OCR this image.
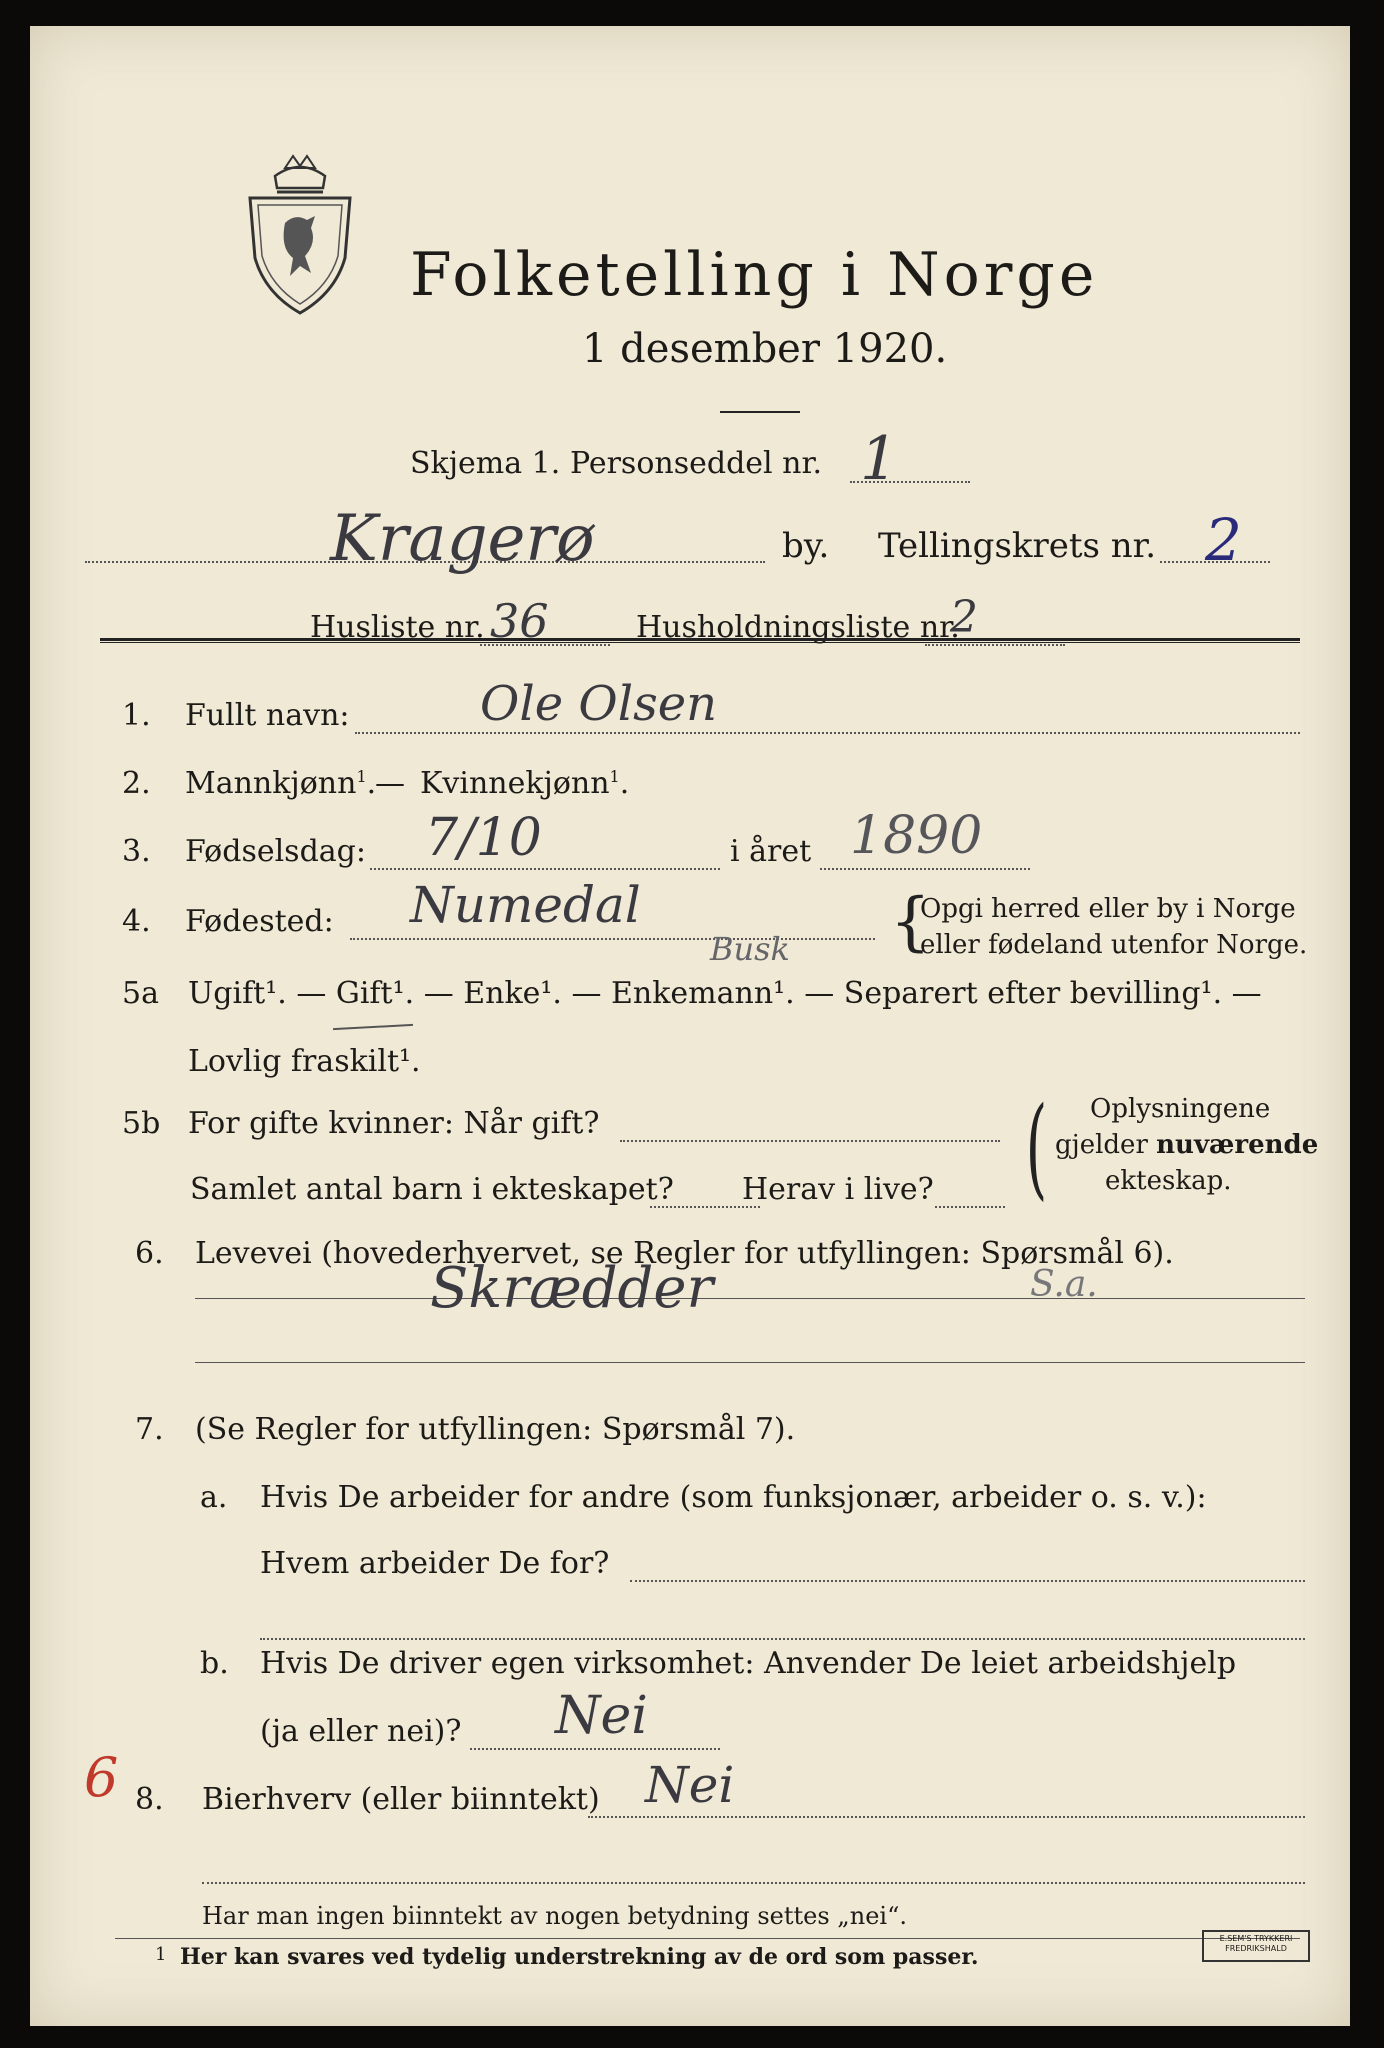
Folketelling i Norge
1 desember 1920.
Skjema 1. Personseddel nr. 1
Kragerø	by. Tellingskrets nr. 2
Husliste nr. 36	Husholdningsliste nr.
2
1. Fullt navn:	Ole Olsen
2. Mannkjønn$^1$.
— Kvinnekjønn$^1$.
3. Fødselsdag: 7/10	i året 1890
4. Fødested: Numedal
Busk {
Opgi herred eller by i Norge
eller fødeland utenfor Norge.
5a Ugift¹. — Gift¹. — Enke¹. — Enkemann¹. — Separert efter bevilling¹. —
Lovlig fraskilt¹.
5b For gifte kvinner: Når gift?
Samlet antal barn i ekteskapet? Herav i live? ( Oplysningene
gjelder nuværende
ekteskap.
6. Levevei (hovederhvervet, se Regler for utfyllingen: Spørsmål 6).
Skrædder	S.a.
7. (Se Regler for utfyllingen: Spørsmål 7).
a. Hvis De arbeider for andre (som funksjonær, arbeider o. s. v.):
Hvem arbeider De for?
b. Hvis De driver egen virksomhet: Anvender De leiet arbeidshjelp
(ja eller nei)? Nei
6 8. Bierhverv (eller biinntekt) Nei
Har man ingen biinntekt av nogen betydning settes „nei“.
1 Her kan svares ved tydelig understrekning av de ord som passer.
E.SEM'S TRYKKERI
FREDRIKSHALD
